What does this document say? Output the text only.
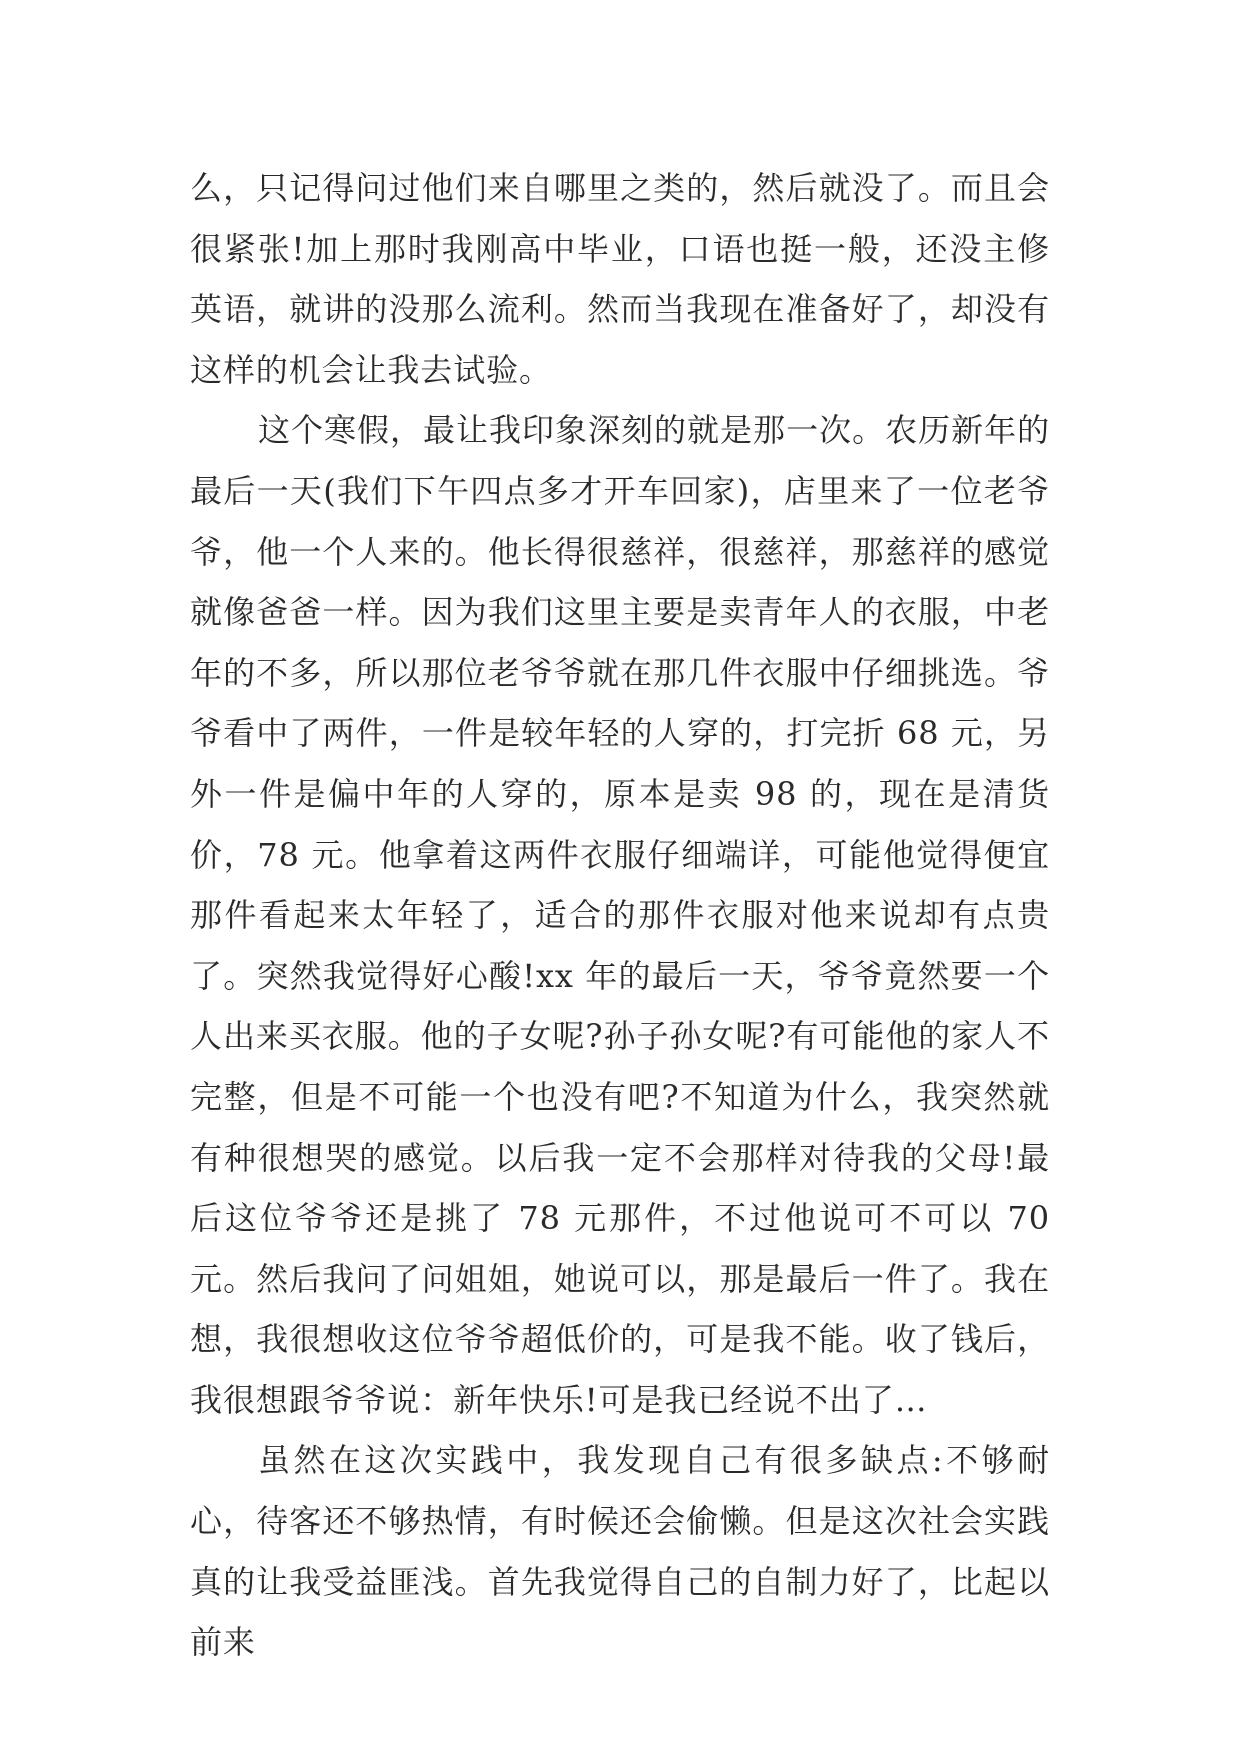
么，只记得问过他们来自哪里之类的，然后就没了。而且会很紧张!加上那时我刚高中毕业，口语也挺一般，还没主修英语，就讲的没那么流利。然而当我现在准备好了，却没有这样的机会让我去试验。

这个寒假，最让我印象深刻的就是那一次。农历新年的最后一天(我们下午四点多才开车回家)，店里来了一位老爷爷，他一个人来的。他长得很慈祥，很慈祥，那慈祥的感觉就像爸爸一样。因为我们这里主要是卖青年人的衣服，中老年的不多，所以那位老爷爷就在那几件衣服中仔细挑选。爷爷看中了两件，一件是较年轻的人穿的，打完折 68 元，另外一件是偏中年的人穿的，原本是卖 98 的，现在是清货价，78 元。他拿着这两件衣服仔细端详，可能他觉得便宜那件看起来太年轻了，适合的那件衣服对他来说却有点贵了。突然我觉得好心酸!xx 年的最后一天，爷爷竟然要一个人出来买衣服。他的子女呢?孙子孙女呢?有可能他的家人不完整，但是不可能一个也没有吧?不知道为什么，我突然就有种很想哭的感觉。以后我一定不会那样对待我的父母!最后这位爷爷还是挑了 78 元那件，不过他说可不可以 70 元。然后我问了问姐姐，她说可以，那是最后一件了。我在想，我很想收这位爷爷超低价的，可是我不能。收了钱后，我很想跟爷爷说：新年快乐!可是我已经说不出了…

虽然在这次实践中，我发现自己有很多缺点:不够耐心，待客还不够热情，有时候还会偷懒。但是这次社会实践真的让我受益匪浅。首先我觉得自己的自制力好了，比起以前来
